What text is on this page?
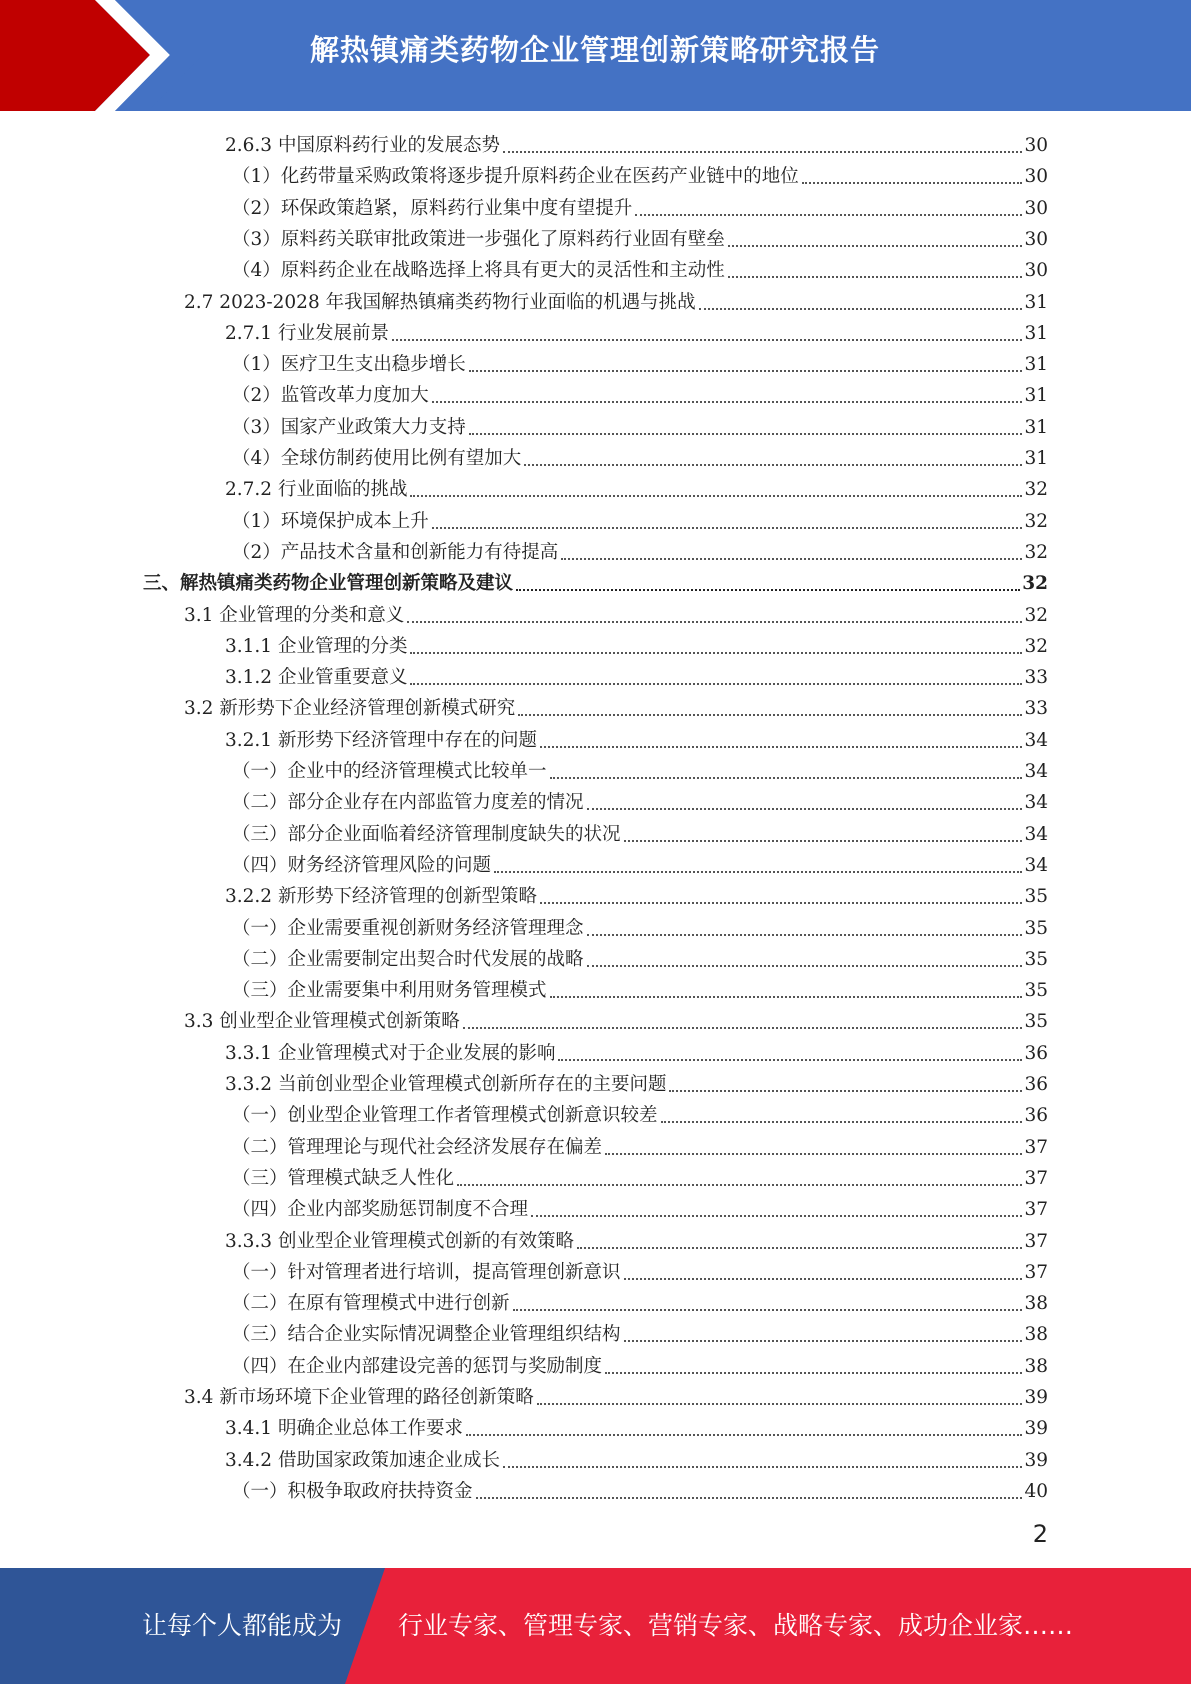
解热镇痛类药物企业管理创新策略研究报告
2.6.3 中国原料药行业的发展态势	30
（1）化药带量采购政策将逐步提升原料药企业在医药产业链中的地位	30
（2）环保政策趋紧，原料药行业集中度有望提升	30
（3）原料药关联审批政策进一步强化了原料药行业固有壁垒	30
（4）原料药企业在战略选择上将具有更大的灵活性和主动性	30
2.7 2023-2028 年我国解热镇痛类药物行业面临的机遇与挑战	31
2.7.1 行业发展前景	31
（1）医疗卫生支出稳步增长	31
（2）监管改革力度加大	31
（3）国家产业政策大力支持	31
（4）全球仿制药使用比例有望加大	31
2.7.2 行业面临的挑战	32
（1）环境保护成本上升	32
（2）产品技术含量和创新能力有待提高	32
三、解热镇痛类药物企业管理创新策略及建议	32
3.1 企业管理的分类和意义	32
3.1.1 企业管理的分类	32
3.1.2 企业管重要意义	33
3.2 新形势下企业经济管理创新模式研究	33
3.2.1 新形势下经济管理中存在的问题	34
（一）企业中的经济管理模式比较单一	34
（二）部分企业存在内部监管力度差的情况	34
（三）部分企业面临着经济管理制度缺失的状况	34
（四）财务经济管理风险的问题	34
3.2.2 新形势下经济管理的创新型策略	35
（一）企业需要重视创新财务经济管理理念	35
（二）企业需要制定出契合时代发展的战略	35
（三）企业需要集中利用财务管理模式	35
3.3 创业型企业管理模式创新策略	35
3.3.1 企业管理模式对于企业发展的影响	36
3.3.2 当前创业型企业管理模式创新所存在的主要问题	36
（一）创业型企业管理工作者管理模式创新意识较差	36
（二）管理理论与现代社会经济发展存在偏差	37
（三）管理模式缺乏人性化	37
（四）企业内部奖励惩罚制度不合理	37
3.3.3 创业型企业管理模式创新的有效策略	37
（一）针对管理者进行培训，提高管理创新意识	37
（二）在原有管理模式中进行创新	38
（三）结合企业实际情况调整企业管理组织结构	38
（四）在企业内部建设完善的惩罚与奖励制度	38
3.4 新市场环境下企业管理的路径创新策略	39
3.4.1 明确企业总体工作要求	39
3.4.2 借助国家政策加速企业成长	39
（一）积极争取政府扶持资金	40
2
让每个人都能成为 行业专家、管理专家、营销专家、战略专家、成功企业家……
